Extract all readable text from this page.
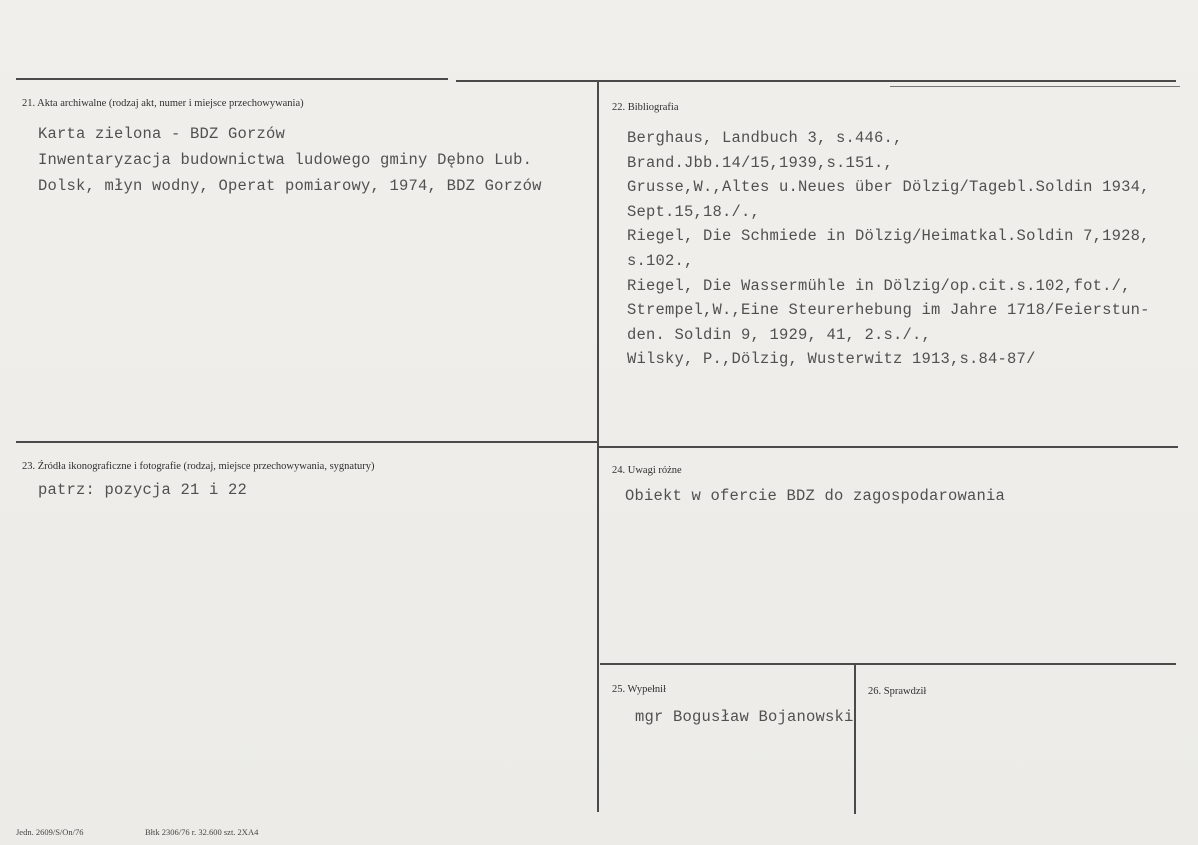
21. Akta archiwalne (rodzaj akt, numer i miejsce przechowywania)
Karta zielona - BDZ Gorzów
Inwentaryzacja budownictwa ludowego gminy Dębno Lub.
Dolsk, młyn wodny, Operat pomiarowy, 1974, BDZ Gorzów
22. Bibliografia
Berghaus, Landbuch 3, s.446.,
Brand.Jbb.14/15,1939,s.151.,
Grusse,W.,Altes u.Neues über Dölzig/Tagebl.Soldin 1934,
Sept.15,18./.,
Riegel, Die Schmiede in Dölzig/Heimatkal.Soldin 7,1928,
s.102.,
Riegel, Die Wassermühle in Dölzig/op.cit.s.102,fot./,
Strempel,W.,Eine Steurerhebung im Jahre 1718/Feierstun-
den. Soldin 9, 1929, 41, 2.s./.,
Wilsky, P.,Dölzig, Wusterwitz 1913,s.84-87/
23. Źródła ikonograficzne i fotografie (rodzaj, miejsce przechowywania, sygnatury)
patrz: pozycja 21 i 22
24. Uwagi różne
Obiekt w ofercie BDZ do zagospodarowania
25. Wypełnił
mgr Bogusław Bojanowski
26. Sprawdził
Jedn. 2609/S/On/76	Błtk 2306/76 r. 32.600 szt. 2XA4
